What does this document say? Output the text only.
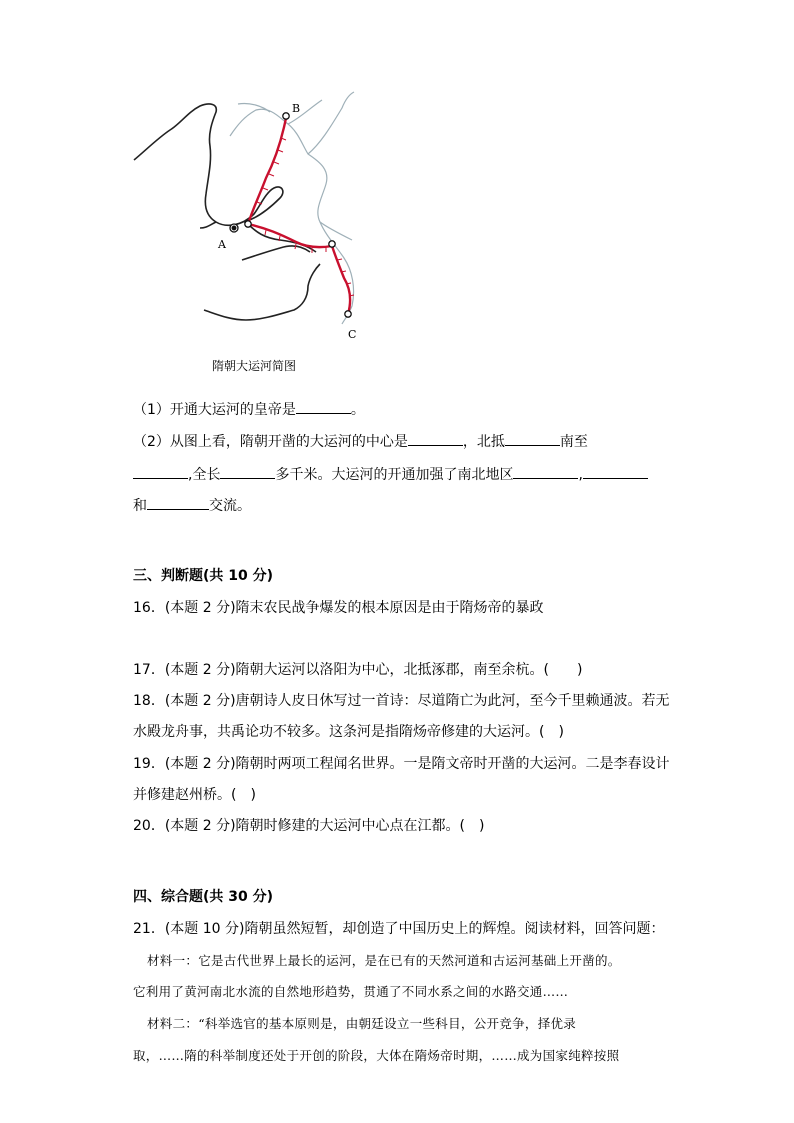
A
B
C
隋朝大运河简图
（1）开通大运河的皇帝是	。
（2）从图上看，隋朝开凿的大运河的中心是	，北抵	南至
,全长	多千米。大运河的开通加强了南北地区	,
和	交流。
三、判断题(共 10 分)
16．(本题 2 分)隋末农民战争爆发的根本原因是由于隋炀帝的暴政
17．(本题 2 分)隋朝大运河以洛阳为中心，北抵涿郡，南至余杭。(　　)
18．(本题 2 分)唐朝诗人皮日休写过一首诗：尽道隋亡为此河，至今千里赖通波。若无
水殿龙舟事，共禹论功不较多。这条河是指隋炀帝修建的大运河。(　)
19．(本题 2 分)隋朝时两项工程闻名世界。一是隋文帝时开凿的大运河。二是李春设计
并修建赵州桥。(　)
20．(本题 2 分)隋朝时修建的大运河中心点在江都。(　)
四、综合题(共 30 分)
21．(本题 10 分)隋朝虽然短暂，却创造了中国历史上的辉煌。阅读材料，回答问题：
材料一：它是古代世界上最长的运河，是在已有的天然河道和古运河基础上开凿的。
它利用了黄河南北水流的自然地形趋势，贯通了不同水系之间的水路交通……
材料二：“科举选官的基本原则是，由朝廷设立一些科目，公开竞争，择优录
取，……隋的科举制度还处于开创的阶段，大体在隋炀帝时期，……成为国家纯粹按照
